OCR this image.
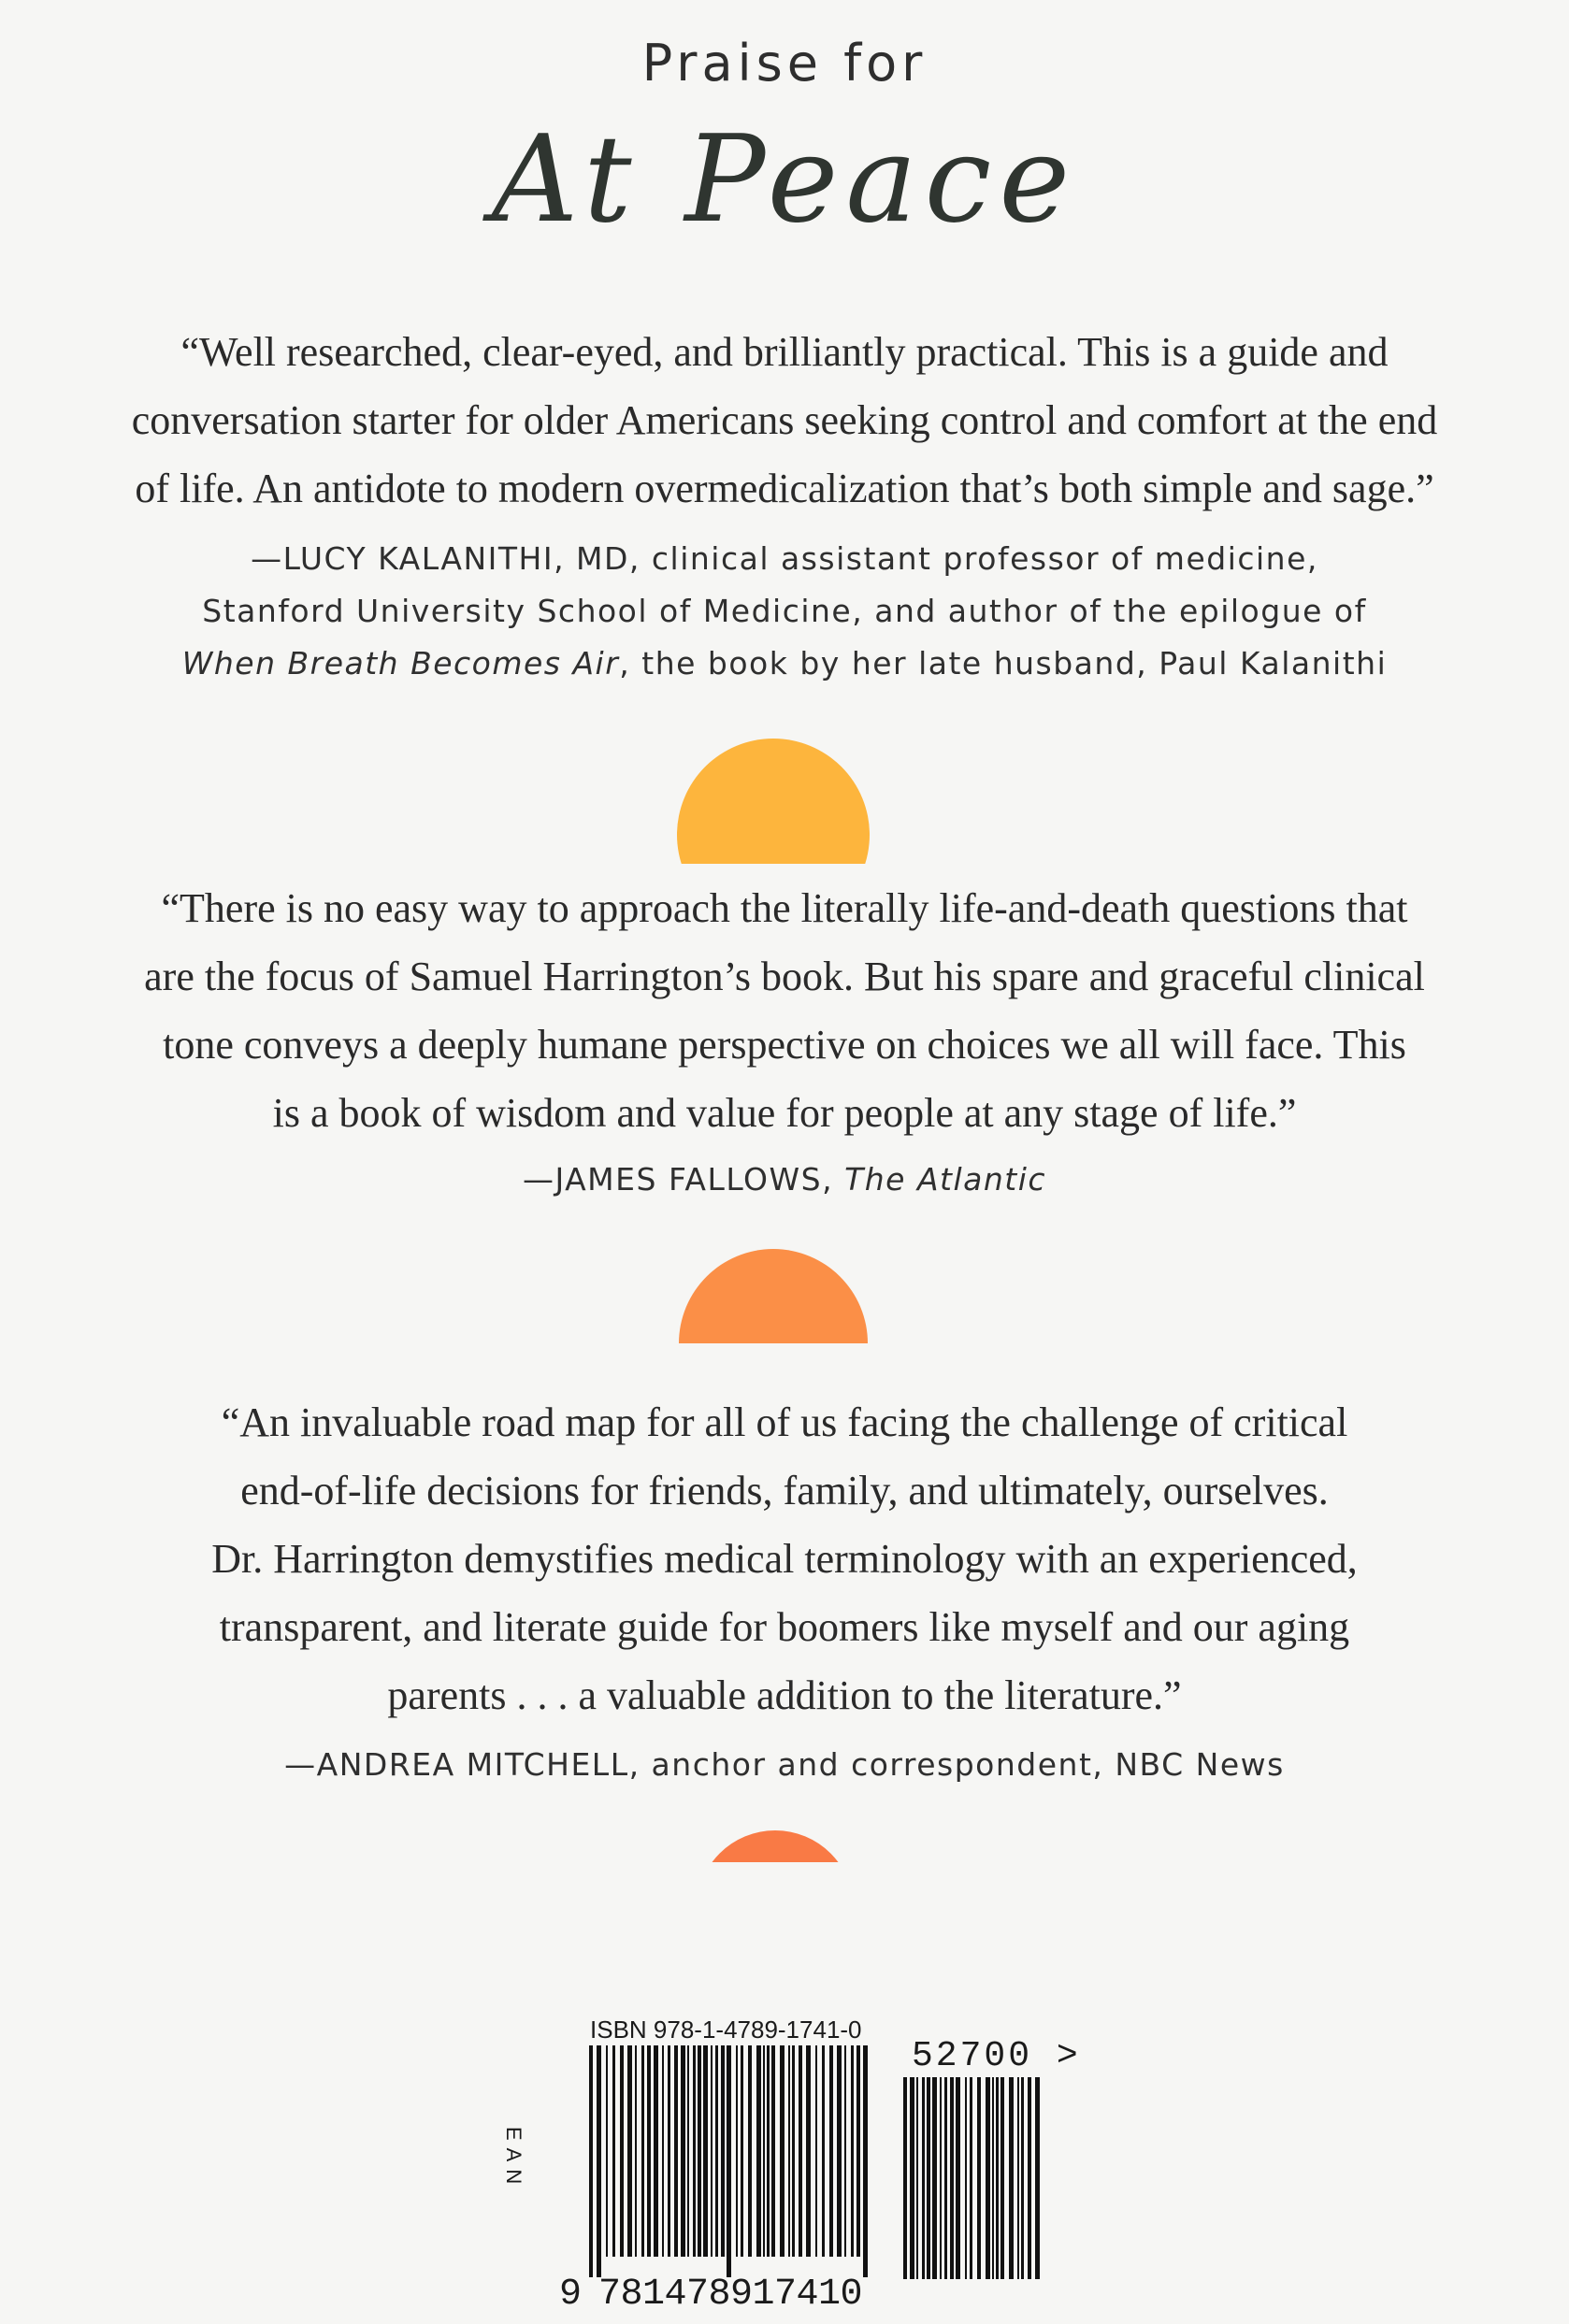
Praise for
At Peace
“Well researched, clear-eyed, and brilliantly practical. This is a guide and
conversation starter for older Americans seeking control and comfort at the end
of life. An antidote to modern overmedicalization that’s both simple and sage.”
—LUCY KALANITHI, MD, clinical assistant professor of medicine,
Stanford University School of Medicine, and author of the epilogue of
When Breath Becomes Air, the book by her late husband, Paul Kalanithi
“There is no easy way to approach the literally life-and-death questions that
are the focus of Samuel Harrington’s book. But his spare and graceful clinical
tone conveys a deeply humane perspective on choices we all will face. This
is a book of wisdom and value for people at any stage of life.”
—JAMES FALLOWS, The Atlantic
“An invaluable road map for all of us facing the challenge of critical
end-of-life decisions for friends, family, and ultimately, ourselves.
Dr. Harrington demystifies medical terminology with an experienced,
transparent, and literate guide for boomers like myself and our aging
parents . . . a valuable addition to the literature.”
—ANDREA MITCHELL, anchor and correspondent, NBC News
ISBN 978-1-4789-1741-0
52700 >
EAN
9 781478917410
